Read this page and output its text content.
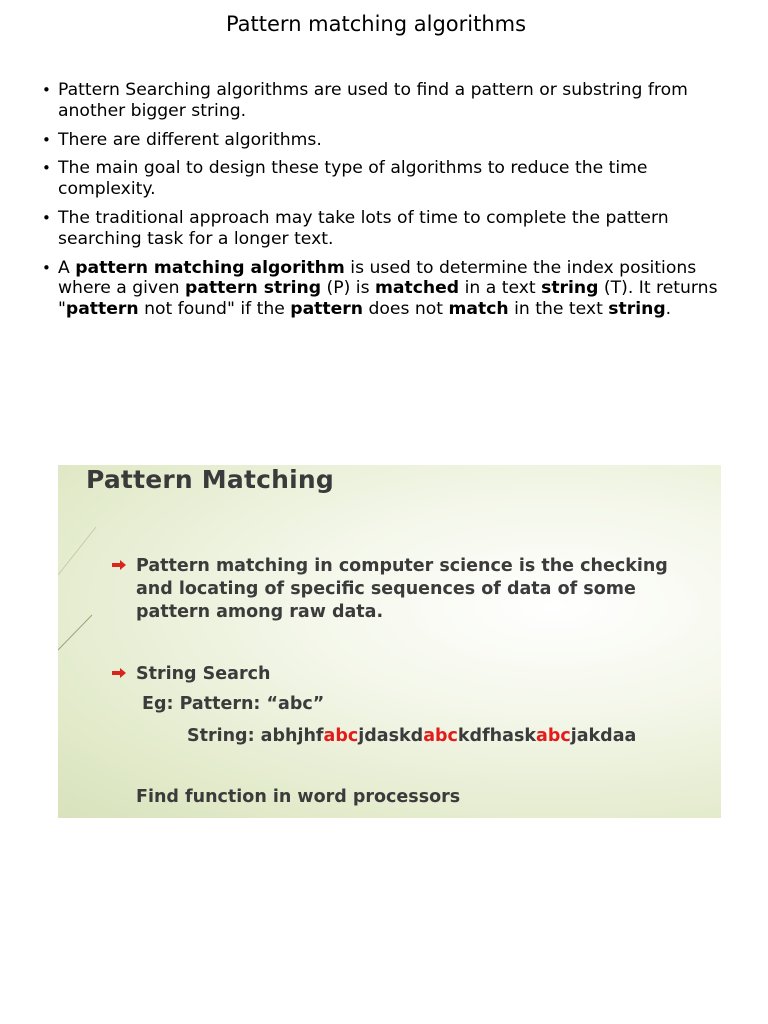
Pattern matching algorithms
• Pattern Searching algorithms are used to find a pattern or substring from another bigger string.
• There are different algorithms.
• The main goal to design these type of algorithms to reduce the time complexity.
• The traditional approach may take lots of time to complete the pattern searching task for a longer text.
• A pattern matching algorithm is used to determine the index positions where a given pattern string (P) is matched in a text string (T). It returns "pattern not found" if the pattern does not match in the text string.
Pattern Matching
Pattern matching in computer science is the checking and locating of specific sequences of data of some pattern among raw data.
String Search
Eg: Pattern: “abc”
String: abhjhfabcjdaskdabckdfhaskabcjakdaa
Find function in word processors
